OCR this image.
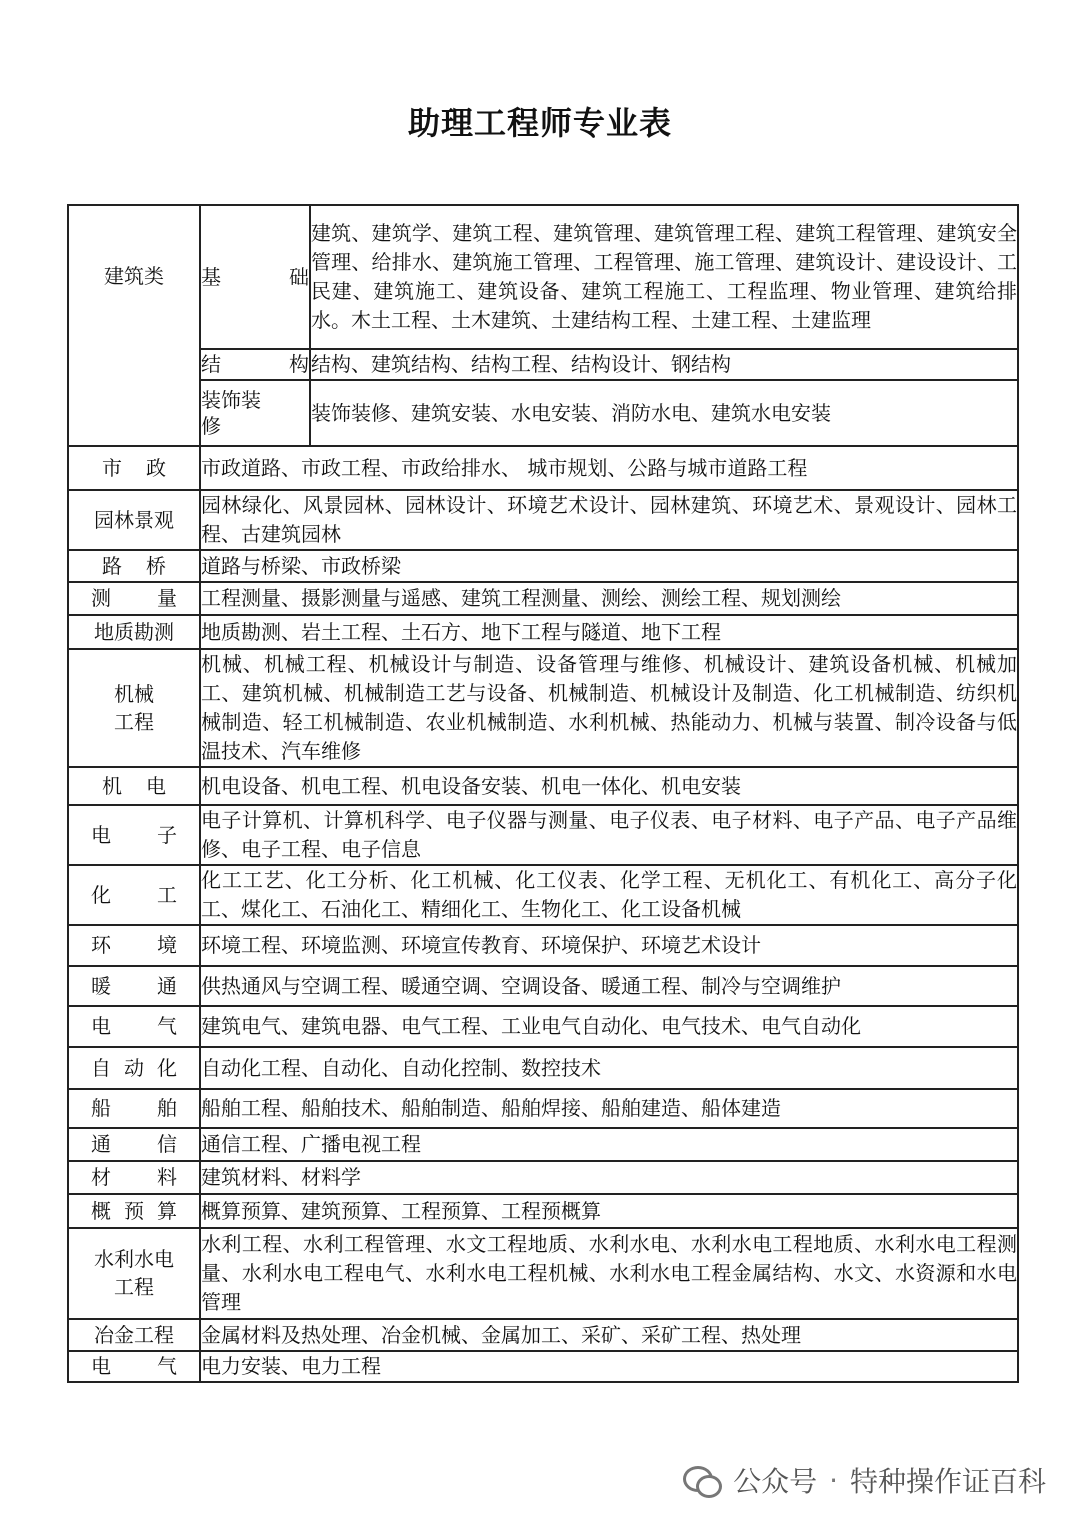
助理工程师专业表
建筑类	基础	建筑、建筑学、建筑工程、建筑管理、建筑管理工程、建筑工程管理、建筑安全管理、给排水、建筑施工管理、工程管理、施工管理、建筑设计、建设设计、工民建、建筑施工、建筑设备、建筑工程施工、工程监理、物业管理、建筑给排水。木土工程、土木建筑、土建结构工程、土建工程、土建监理

	结构	结构、建筑结构、结构工程、结构设计、钢结构

	装饰装修	装饰装修、建筑安装、水电安装、消防水电、建筑水电安装
市政	市政道路、市政工程、市政给排水、 城市规划、公路与城市道路工程	
园林景观	园林绿化、风景园林、园林设计、环境艺术设计、园林建筑、环境艺术、景观设计、园林工程、古建筑园林	
路桥	道路与桥梁、市政桥梁	
测量	工程测量、摄影测量与遥感、建筑工程测量、测绘、测绘工程、规划测绘	
地质勘测	地质勘测、岩土工程、土石方、地下工程与隧道、地下工程	
机械工程	机械、机械工程、机械设计与制造、设备管理与维修、机械设计、建筑设备机械、机械加工、建筑机械、机械制造工艺与设备、机械制造、机械设计及制造、化工机械制造、纺织机械制造、轻工机械制造、农业机械制造、水利机械、热能动力、机械与装置、制冷设备与低温技术、汽车维修	
机电	机电设备、机电工程、机电设备安装、机电一体化、机电安装	
电子	电子计算机、计算机科学、电子仪器与测量、电子仪表、电子材料、电子产品、电子产品维修、电子工程、电子信息	
化工	化工工艺、化工分析、化工机械、化工仪表、化学工程、无机化工、有机化工、高分子化工、煤化工、石油化工、精细化工、生物化工、化工设备机械	
环境	环境工程、环境监测、环境宣传教育、环境保护、环境艺术设计	
暖通	供热通风与空调工程、暖通空调、空调设备、暖通工程、制冷与空调维护	
电气	建筑电气、建筑电器、电气工程、工业电气自动化、电气技术、电气自动化	
自动化	自动化工程、自动化、自动化控制、数控技术	
船舶	船舶工程、船舶技术、船舶制造、船舶焊接、船舶建造、船体建造	
通信	通信工程、广播电视工程	
材料	建筑材料、材料学	
概预算	概算预算、建筑预算、工程预算、工程预概算	
水利水电工程	水利工程、水利工程管理、水文工程地质、水利水电、水利水电工程地质、水利水电工程测 量、水利水电工程电气、水利水电工程机械、水利水电工程金属结构、水文、水资源和水电管理	
冶金工程	金属材料及热处理、冶金机械、金属加工、采矿、采矿工程、热处理	
电气	电力安装、电力工程	
公众号 · 特种操作证百科
